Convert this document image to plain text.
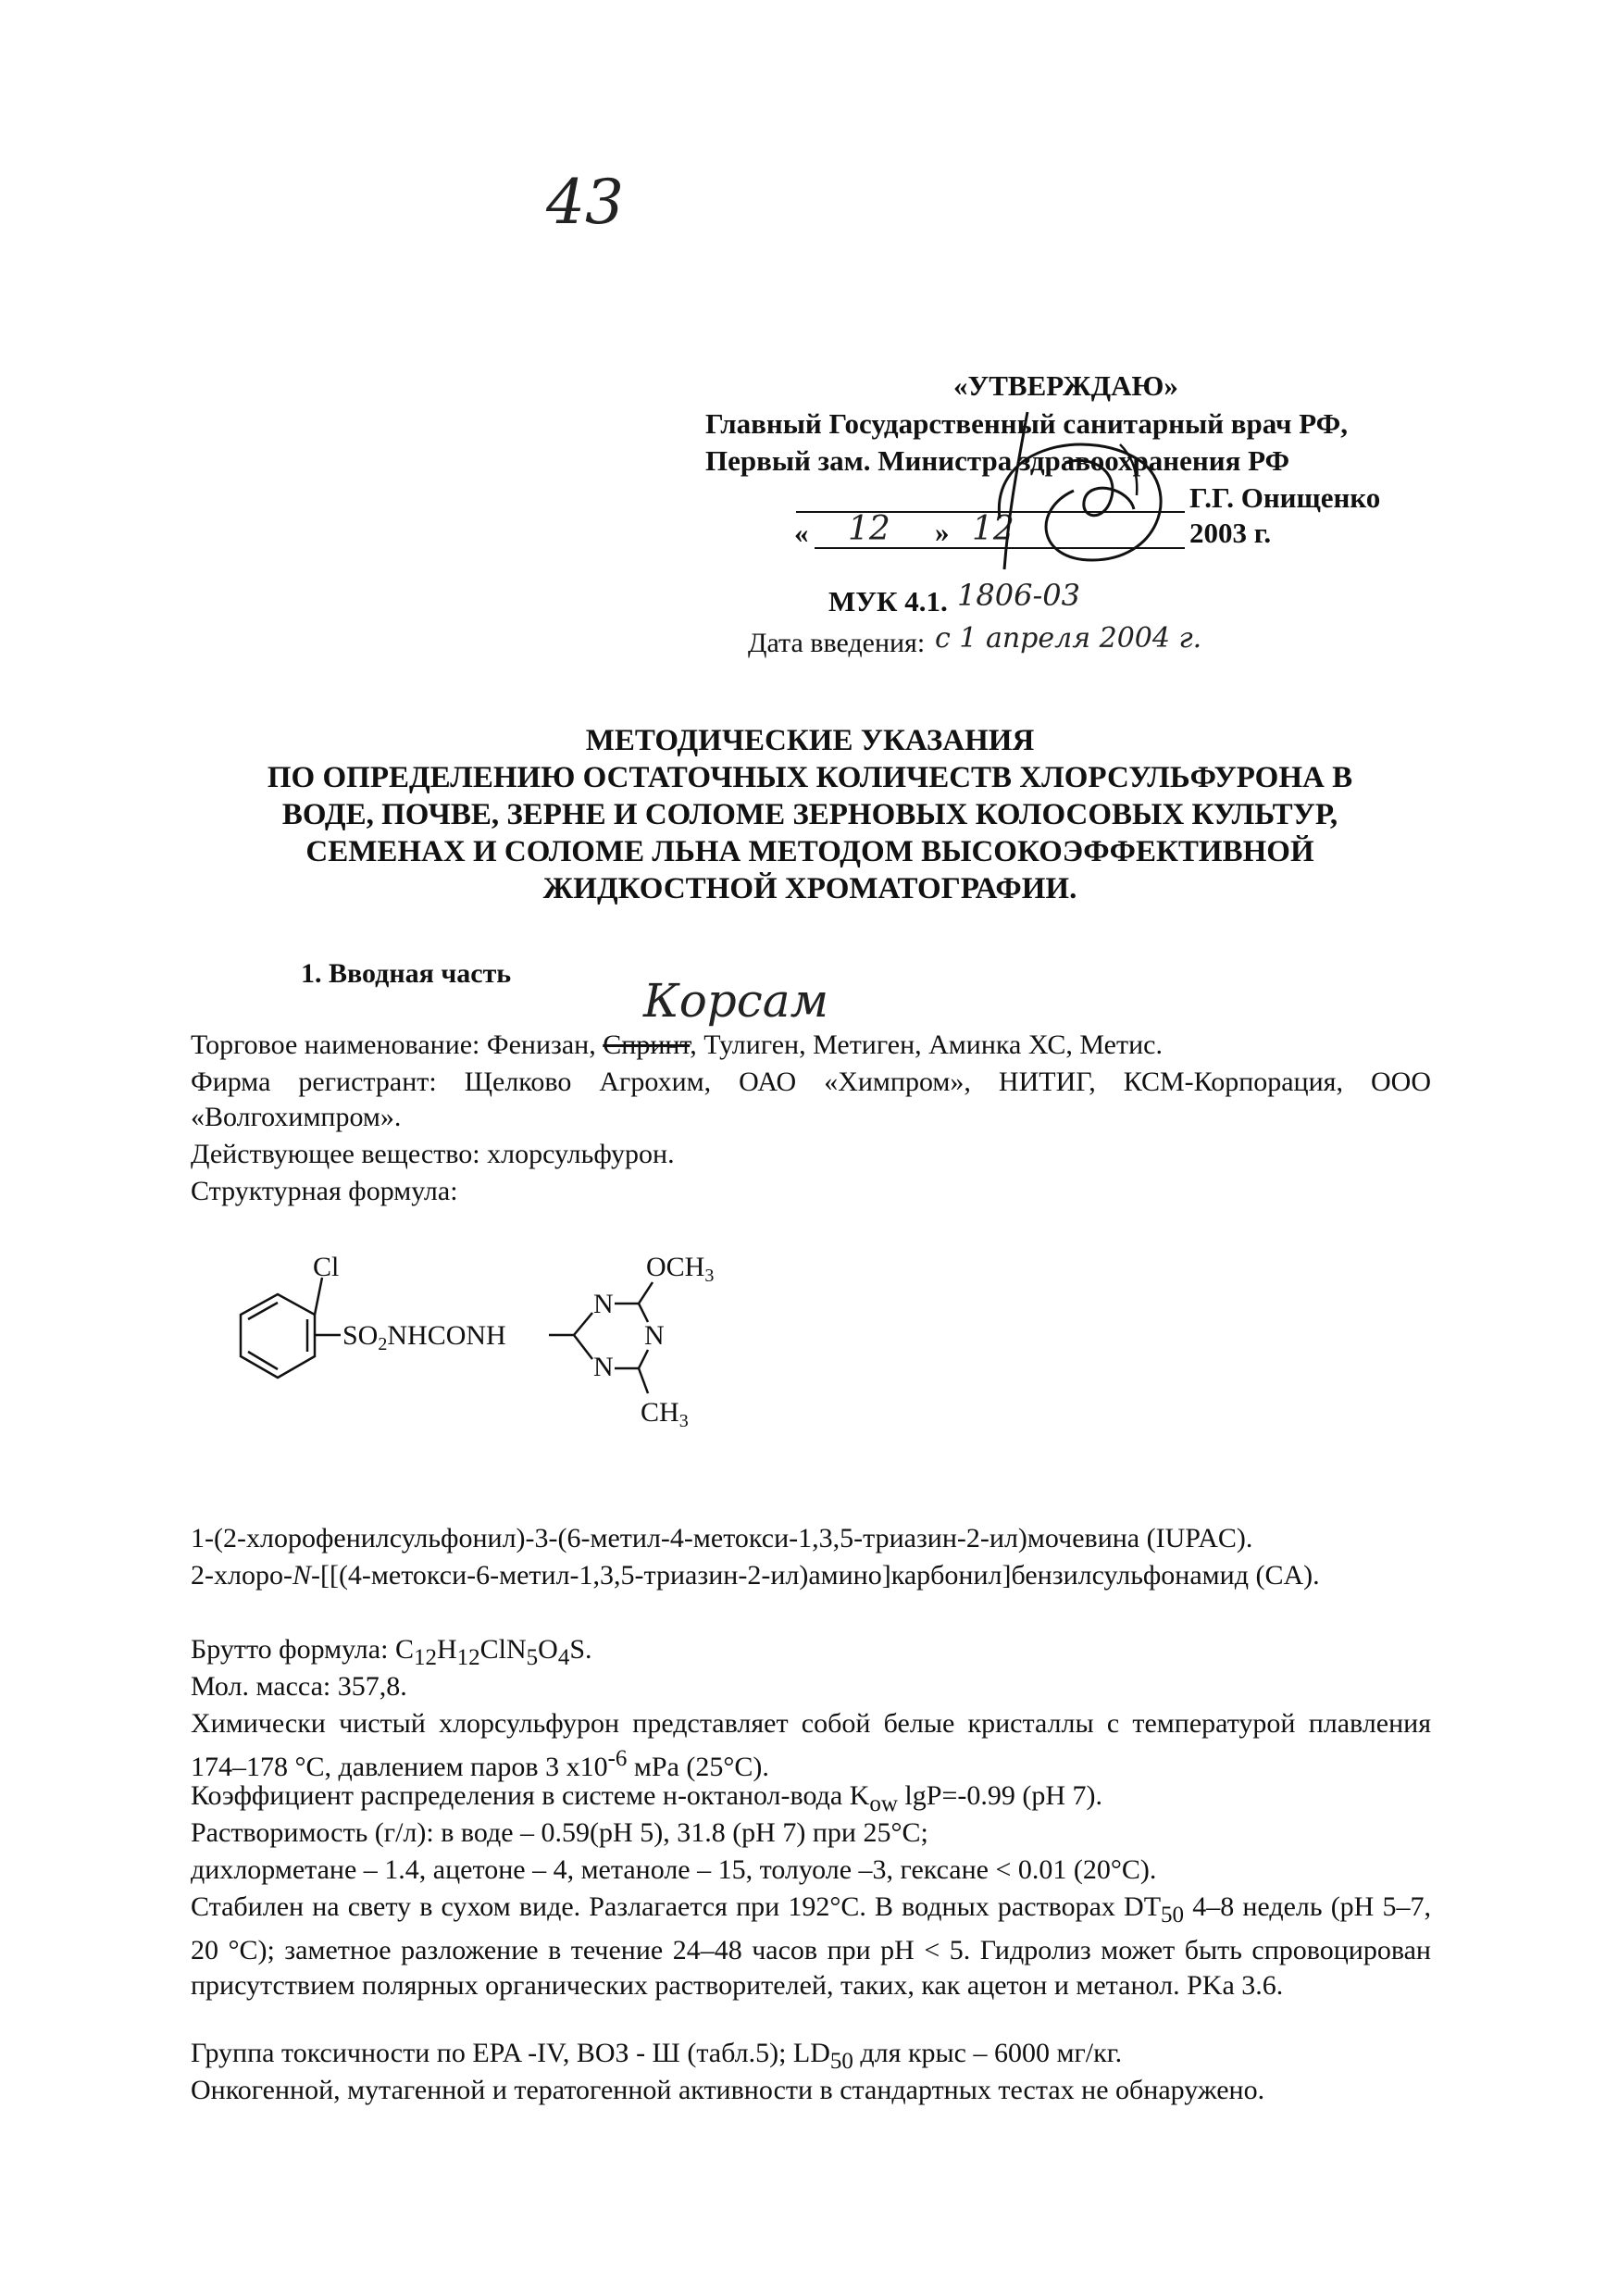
43
«УТВЕРЖДАЮ»
Главный Государственный санитарный врач РФ,
Первый зам. Министра здравоохранения РФ
Г.Г. Онищенко
« 12 » 12	2003 г.
МУК 4.1. 1806-03
Дата введения: с 1 апреля 2004 г.
МЕТОДИЧЕСКИЕ УКАЗАНИЯ
ПО ОПРЕДЕЛЕНИЮ ОСТАТОЧНЫХ КОЛИЧЕСТВ ХЛОРСУЛЬФУРОНА В
ВОДЕ, ПОЧВЕ, ЗЕРНЕ И СОЛОМЕ ЗЕРНОВЫХ КОЛОСОВЫХ КУЛЬТУР,
СЕМЕНАХ И СОЛОМЕ ЛЬНА МЕТОДОМ ВЫСОКОЭФФЕКТИВНОЙ
ЖИДКОСТНОЙ ХРОМАТОГРАФИИ.
1. Вводная часть
Корсам
Торговое наименование: Фенизан, Спринт, Тулиген, Метиген, Аминка ХС, Метис.
Фирма регистрант: Щелково Агрохим, ОАО «Химпром», НИТИГ, КСМ-Корпорация, ООО «Волгохимпром».
Действующее вещество: хлорсульфурон.
Структурная формула:
Cl
$SO_2NHCONH$
$OCH_3$
N
N
N
$CH_3$
1-(2-хлорофенилсульфонил)-3-(6-метил-4-метокси-1,3,5-триазин-2-ил)мочевина (IUPAC).
2-хлоро-N-[[(4-метокси-6-метил-1,3,5-триазин-2-ил)амино]карбонил]бензилсульфонамид (CA).
Брутто формула: $C_{12}H_{12}ClN_5O_4S$.
Мол. масса: 357,8.
Химически чистый хлорсульфурон представляет собой белые кристаллы с температурой плавления 174–178 °С, давлением паров 3 $х10^{-6}$ мРа (25°С).
Коэффициент распределения в системе н-октанол-вода $K_{ow}$ lgP=-0.99 (pH 7).
Растворимость (г/л): в воде – 0.59(pH 5), 31.8 (pH 7) при 25°С;
дихлорметане – 1.4, ацетоне – 4, метаноле – 15, толуоле –3, гексане < 0.01 (20°С).
Стабилен на свету в сухом виде. Разлагается при 192°С. В водных растворах $DT_{50}$ 4–8 недель (pH 5–7, 20 °С); заметное разложение в течение 24–48 часов при pH < 5. Гидролиз может быть спровоцирован присутствием полярных органических растворителей, таких, как ацетон и метанол. PKa 3.6.
Группа токсичности по EPA -IV, ВОЗ - Ш (табл.5); $LD_{50}$ для крыс – 6000 мг/кг.
Онкогенной, мутагенной и тератогенной активности в стандартных тестах не обнаружено.
